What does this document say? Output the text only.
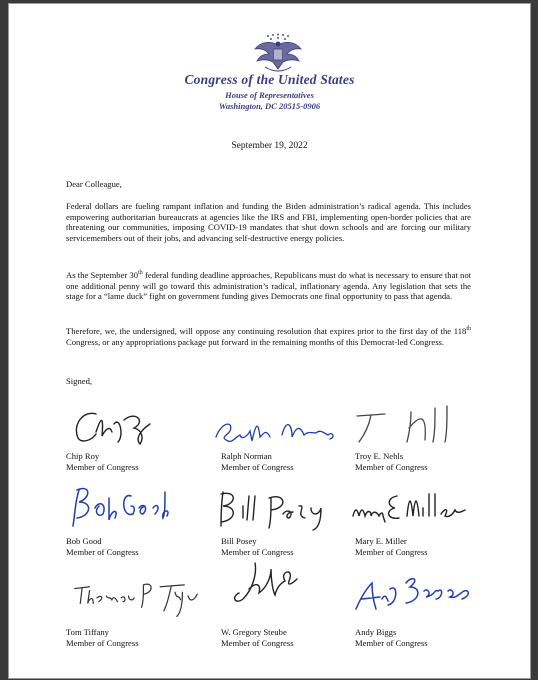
Congress of the United States
House of Representatives
Washington, DC 20515-0906
September 19, 2022
Dear Colleague,
Federal dollars are fueling rampant inflation and funding the Biden administration’s radical agenda. This includes empowering authoritarian bureaucrats at agencies like the IRS and FBI, implementing open-border policies that are threatening our communities, imposing COVID-19 mandates that shut down schools and are forcing our military servicemembers out of their jobs, and advancing self-destructive energy policies.
As the September 30th federal funding deadline approaches, Republicans must do what is necessary to ensure that not one additional penny will go toward this administration’s radical, inflationary agenda. Any legislation that sets the stage for a “lame duck” fight on government funding gives Democrats one final opportunity to pass that agenda.
Therefore, we, the undersigned, will oppose any continuing resolution that expires prior to the first day of the 118th Congress, or any appropriations package put forward in the remaining months of this Democrat-led Congress.
Signed,
Chip Roy
Member of Congress
Ralph Norman
Member of Congress
Troy E. Nehls
Member of Congress
Bob Good
Member of Congress
Bill Posey
Member of Congress
Mary E. Miller
Member of Congress
Tom Tiffany
Member of Congress
W. Gregory Steube
Member of Congress
Andy Biggs
Member of Congress
